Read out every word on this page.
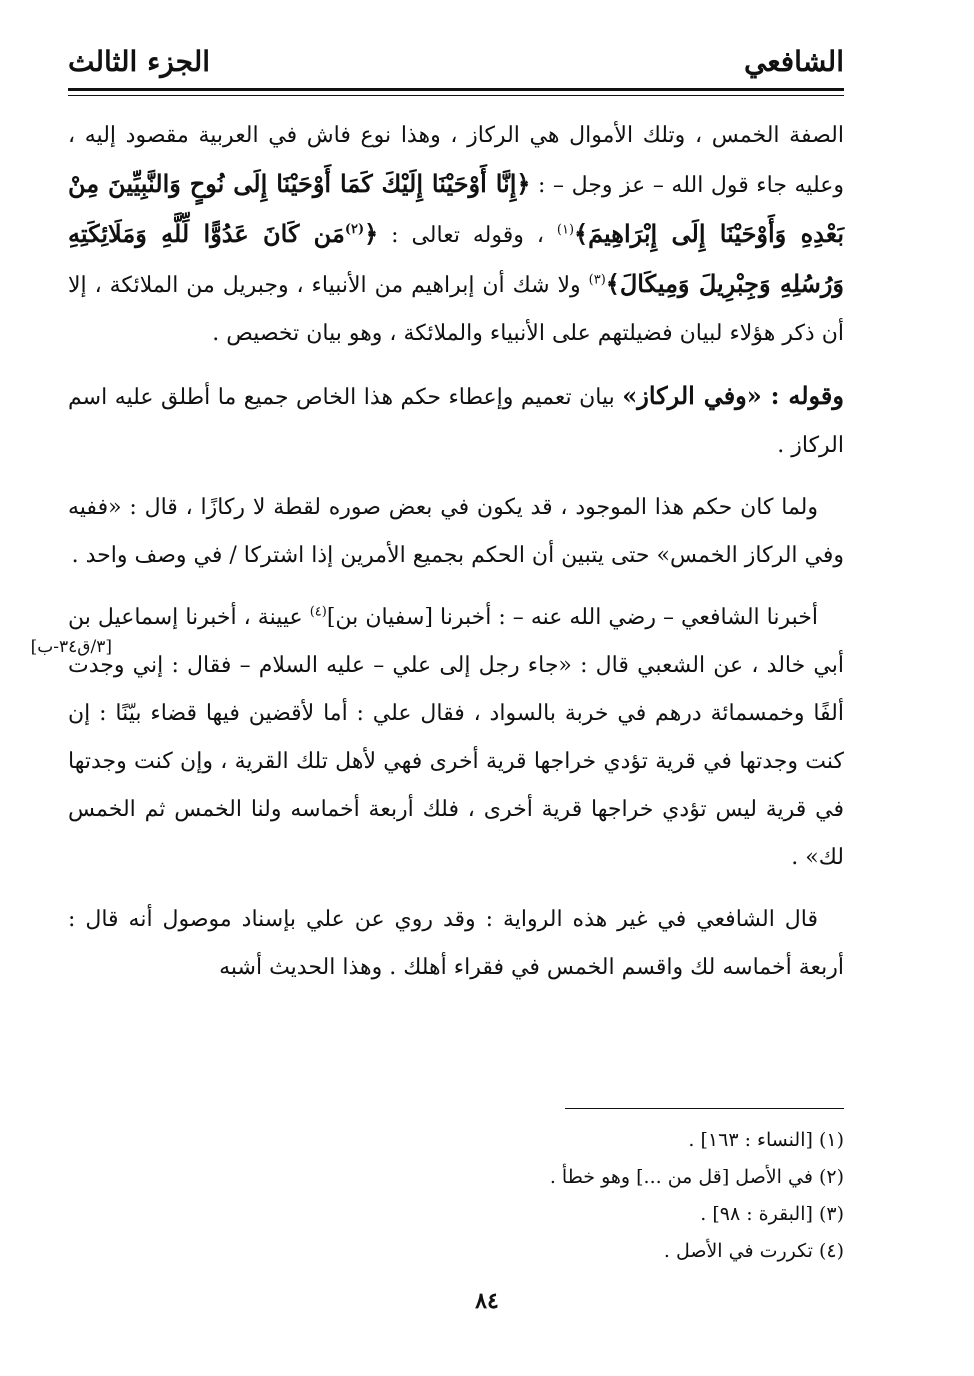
الشافعي
الجزء الثالث

الصفة الخمس ، وتلك الأموال هي الركاز ، وهذا نوع فاش في العربية مقصود إليه ، وعليه جاء قول الله – عز وجل – : ﴿إِنَّا أَوْحَيْنَا إِلَيْكَ كَمَا أَوْحَيْنَا إِلَى نُوحٍ وَالنَّبِيِّينَ مِنْ بَعْدِهِ وَأَوْحَيْنَا إِلَى إِبْرَاهِيمَ﴾$^{(١)}$ ، وقوله تعالى : ﴿$^{(٢)}$مَن كَانَ عَدُوًّا لِّلَّهِ وَمَلَائِكَتِهِ وَرُسُلِهِ وَجِبْرِيلَ وَمِيكَالَ﴾$^{(٣)}$ ولا شك أن إبراهيم من الأنبياء ، وجبريل من الملائكة ، إلا أن ذكر هؤلاء لبيان فضيلتهم على الأنبياء والملائكة ، وهو بيان تخصيص .

وقوله : «وفي الركاز» بيان تعميم وإعطاء حكم هذا الخاص جميع ما أطلق عليه اسم الركاز .

ولما كان حكم هذا الموجود ، قد يكون في بعض صوره لقطة لا ركازًا ، قال : «ففيه وفي الركاز الخمس» حتى يتبين أن الحكم بجميع الأمرين إذا اشتركا / في وصف واحد .

أخبرنا الشافعي – رضي الله عنه – : أخبرنا [سفيان بن]$^{(٤)}$ عيينة ، أخبرنا إسماعيل بن أبي خالد ، عن الشعبي قال : «جاء رجل إلى علي – عليه السلام – فقال : إني وجدت ألفًا وخمسمائة درهم في خربة بالسواد ، فقال علي : أما لأقضين فيها قضاء بيّنًا : إن كنت وجدتها في قرية تؤدي خراجها قرية أخرى فهي لأهل تلك القرية ، وإن كنت وجدتها في قرية ليس تؤدي خراجها قرية أخرى ، فلك أربعة أخماسه ولنا الخمس ثم الخمس لك» .

قال الشافعي في غير هذه الرواية : وقد روي عن علي بإسناد موصول أنه قال : أربعة أخماسه لك واقسم الخمس في فقراء أهلك . وهذا الحديث أشبه

[٣/ق٣٤-ب]

(١) [النساء : ١٦٣] .

(٢) في الأصل [قل من ...] وهو خطأ .

(٣) [البقرة : ٩٨] .

(٤) تكررت في الأصل .

٨٤
